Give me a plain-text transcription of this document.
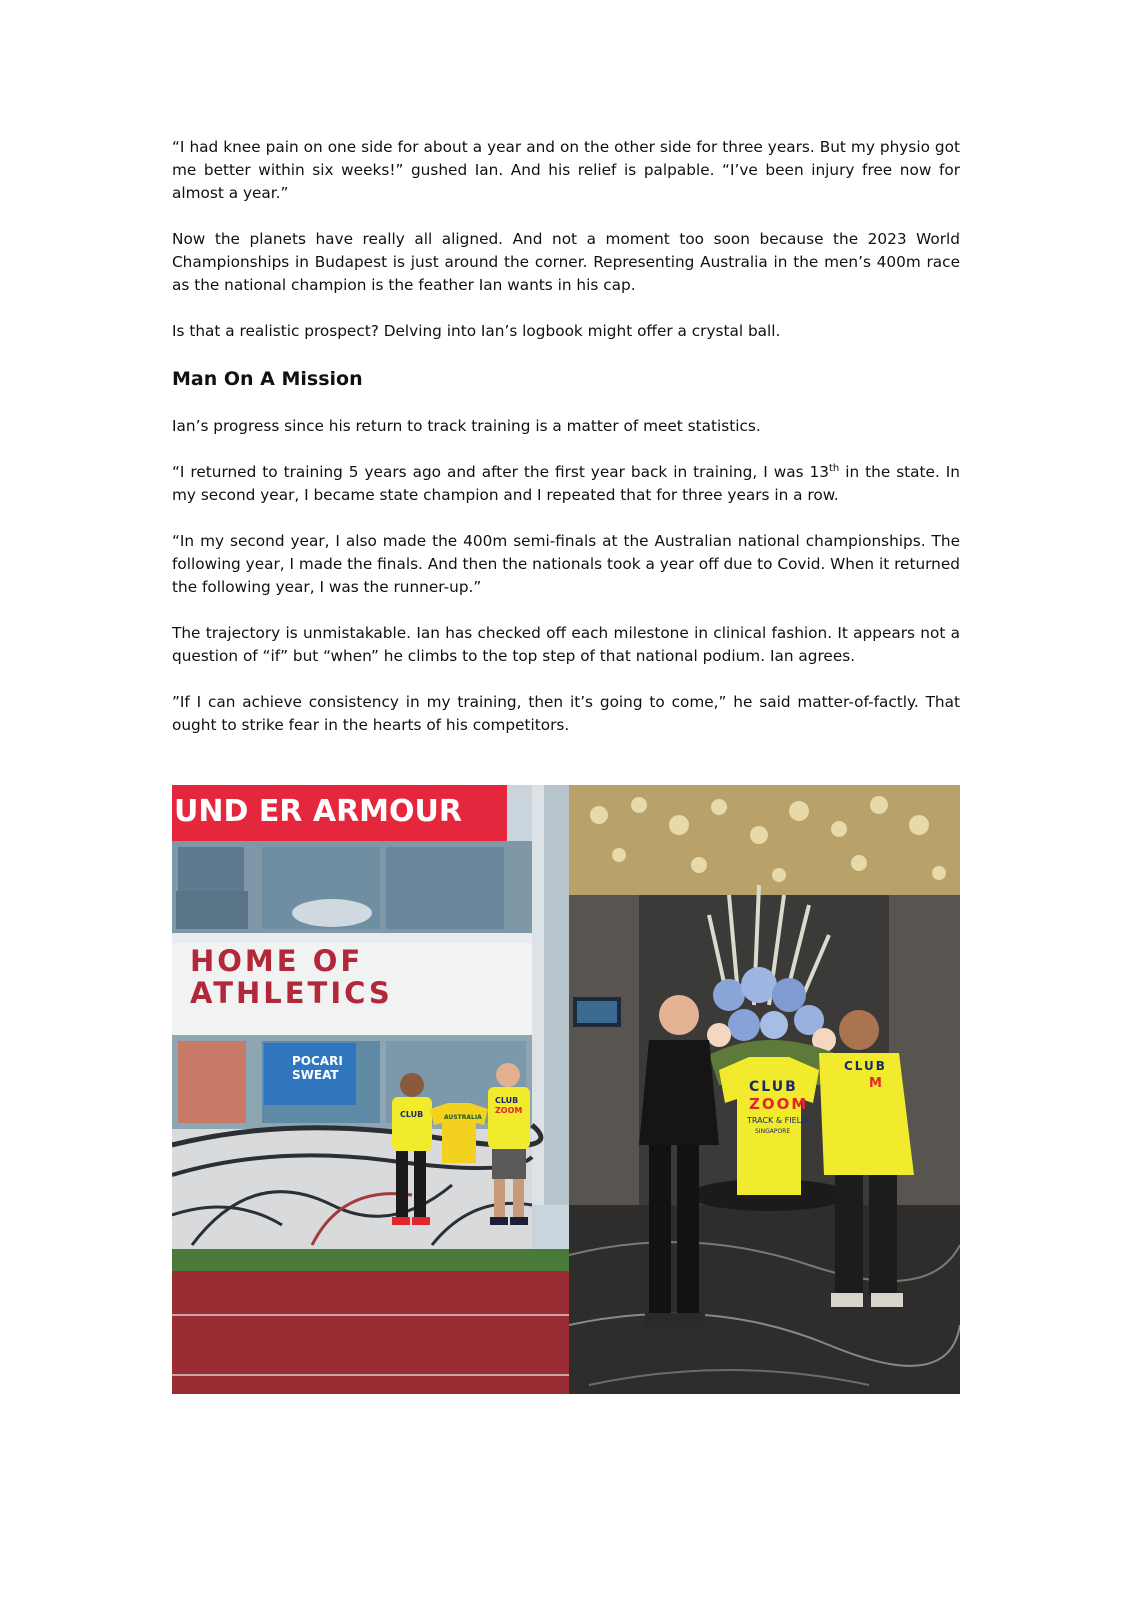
“I had knee pain on one side for about a year and on the other side for three years. But my physio got me better within six weeks!” gushed Ian. And his relief is palpable. “I’ve been injury free now for almost a year.”

Now the planets have really all aligned. And not a moment too soon because the 2023 World Championships in Budapest is just around the corner. Representing Australia in the men’s 400m race as the national champion is the feather Ian wants in his cap.

Is that a realistic prospect? Delving into Ian’s logbook might offer a crystal ball.

Man On A Mission

Ian’s progress since his return to track training is a matter of meet statistics.

“I returned to training 5 years ago and after the first year back in training, I was 13th in the state. In my second year, I became state champion and I repeated that for three years in a row.

“In my second year, I also made the 400m semi-finals at the Australian national championships. The following year, I made the finals. And then the nationals took a year off due to Covid. When it returned the following year, I was the runner-up.”

The trajectory is unmistakable. Ian has checked off each milestone in clinical fashion. It appears not a question of “if” but “when” he climbs to the top step of that national podium. Ian agrees.

”If I can achieve consistency in my training, then it’s going to come,” he said matter-of-factly. That ought to strike fear in the hearts of his competitors.

UND ER ARMOUR
HOME OF
ATHLETICS
POCARI
SWEAT
CLUB	AUSTRALIA
CLUB
ZOOM
CLUB
ZOOM
TRACK & FIELD
SINGAPORE
CLUB
M
